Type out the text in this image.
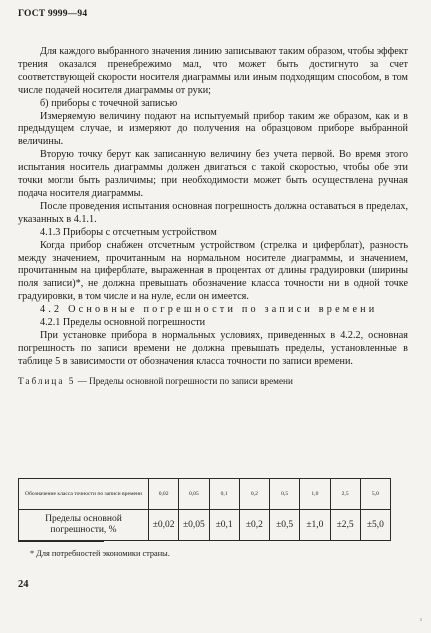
ГОСТ 9999—94

Для каждого выбранного значения линию записывают таким образом, чтобы эффект трения оказался пренебрежимо мал, что может быть достигнуто за счет соответствующей скорости носителя диаграммы или иным подходящим способом, в том числе подачей носителя диаграммы от руки;

б) приборы с точечной записью

Измеряемую величину подают на испытуемый прибор таким же образом, как и в предыдущем случае, и измеряют до получения на образцовом приборе выбранной величины.

Вторую точку берут как записанную величину без учета первой. Во время этого испытания носитель диаграммы должен двигаться с такой скоростью, чтобы обе эти точки могли быть различимы; при необходимости может быть осуществлена ручная подача носителя диаграммы.

После проведения испытания основная погрешность должна оставаться в пределах, указанных в 4.1.1.

4.1.3 Приборы с отсчетным устройством

Когда прибор снабжен отсчетным устройством (стрелка и циферблат), разность между значением, прочитанным на нормальном носителе диаграммы, и значением, прочитанным на циферблате, выраженная в процентах от длины градуировки (ширины поля записи)*, не должна превышать обозначение класса точности ни в одной точке градуировки, в том числе и на нуле, если он имеется.

4.2 Основные погрешности по записи времени

4.2.1 Пределы основной погрешности

При установке прибора в нормальных условиях, приведенных в 4.2.2, основная погрешность по записи времени не должна превышать пределы, установленные в таблице 5 в зависимости от обозначения класса точности по записи времени.

Таблица 5 — Пределы основной погрешности по записи времени

Обозначение класса точности по записи времени	0,02	0,05	0,1	0,2	0,5	1,0	2,5	5,0
Пределы основной погрешности, %	±0,02	±0,05	±0,1	±0,2	±0,5	±1,0	±2,5	±5,0
* Для потребностей экономики страны.
24
¹
